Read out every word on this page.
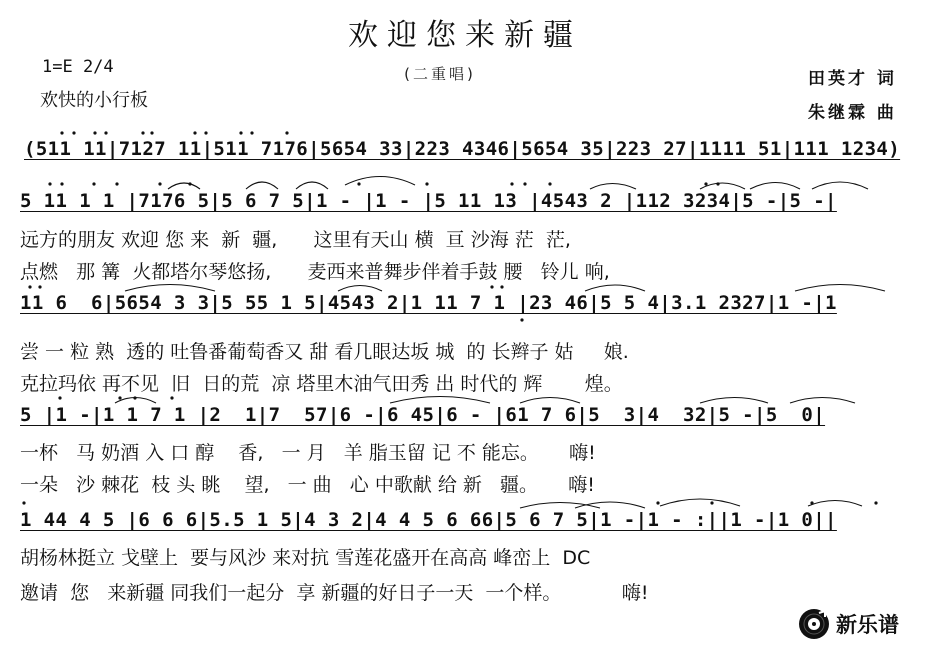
欢迎您来新疆
(二重唱)
1=E 2/4
欢快的小行板
田英才 词
朱继霖 曲
(511 11|7127 11|511 7176|5654 33|223 4346|5654 35|223 27|1111 51|111 1234)
5 11 1 1 |7176 5|5 6 7 5|1 - |1 - |5 11 13 |4543 2 |112 3234|5 -|5 -|
远方的朋友 欢迎 您 来  新  疆,      这里有天山 横  亘 沙海 茫  茫,
点燃   那 篝  火都塔尔琴悠扬,      麦西来普舞步伴着手鼓 腰   铃儿 响,
11 6  6|5654 3 3|5 55 1 5|4543 2|1 11 7 1 |23 46|5 5 4|3.1 2327|1 -|1
尝 一 粒 熟  透的 吐鲁番葡萄香又 甜 看几眼达坂 城  的 长辫子 姑     娘.
克拉玛依 再不见  旧  日的荒  凉 塔里木油气田秀 出 时代的 辉       煌。
5 |1 -|1 1 7 1 |2  1|7  57|6 -|6 45|6 - |61 7 6|5  3|4  32|5 -|5  0|
一杯   马 奶酒 入 口 醇    香,   一 月   羊 脂玉留 记 不 能忘。     嗨!
一朵   沙 棘花  枝 头 眺    望,   一 曲   心 中歌献 给 新   疆。     嗨!
1 44 4 5 |6 6 6|5.5 1 5|4 3 2|4 4 5 6 66|5 6 7 5|1 -|1 - :||1 -|1 0||
胡杨林挺立 戈壁上  要与风沙 来对抗 雪莲花盛开在高高 峰峦上  DC
邀请  您   来新疆 同我们一起分  享 新疆的好日子一天  一个样。          嗨!
新乐谱
